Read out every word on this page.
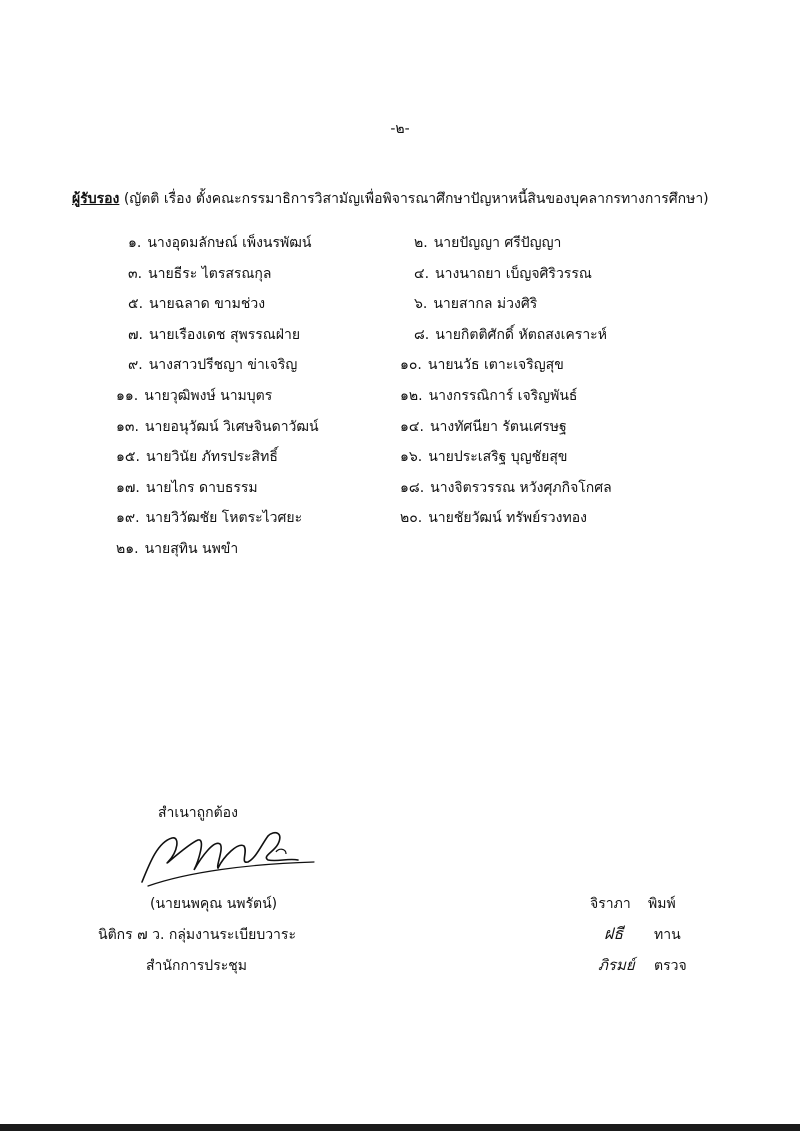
-๒-
ผู้รับรอง (ญัตติ เรื่อง ตั้งคณะกรรมาธิการวิสามัญเพื่อพิจารณาศึกษาปัญหาหนี้สินของบุคลากรทางการศึกษา)
๑. นางอุดมลักษณ์ เพ็งนรพัฒน์
๓. นายธีระ ไตรสรณกุล
๕. นายฉลาด ขามช่วง
๗. นายเรืองเดช สุพรรณฝ่าย
๙. นางสาวปรีชญา ข่าเจริญ
๑๑. นายวุฒิพงษ์ นามบุตร
๑๓. นายอนุวัฒน์ วิเศษจินดาวัฒน์
๑๕. นายวินัย ภัทรประสิทธิ์
๑๗. นายไกร ดาบธรรม
๑๙. นายวิวัฒชัย โหตระไวศยะ
๒๑. นายสุทิน นพขำ
๒. นายปัญญา ศรีปัญญา
๔. นางนาถยา เบ็ญจศิริวรรณ
๖. นายสากล ม่วงศิริ
๘. นายกิตติศักดิ์ หัตถสงเคราะห์
๑๐. นายนวัธ เตาะเจริญสุข
๑๒. นางกรรณิการ์ เจริญพันธ์
๑๔. นางทัศนียา รัตนเศรษฐ
๑๖. นายประเสริฐ บุญชัยสุข
๑๘. นางจิตรวรรณ หวังศุภกิจโกศล
๒๐. นายชัยวัฒน์ ทรัพย์รวงทอง
สำเนาถูกต้อง
(นายนพคุณ นพรัตน์)
นิติกร ๗ ว. กลุ่มงานระเบียบวาระ
สำนักการประชุม
จิราภา พิมพ์
ฝธี ทาน
ภิรมย์ ตรวจ
